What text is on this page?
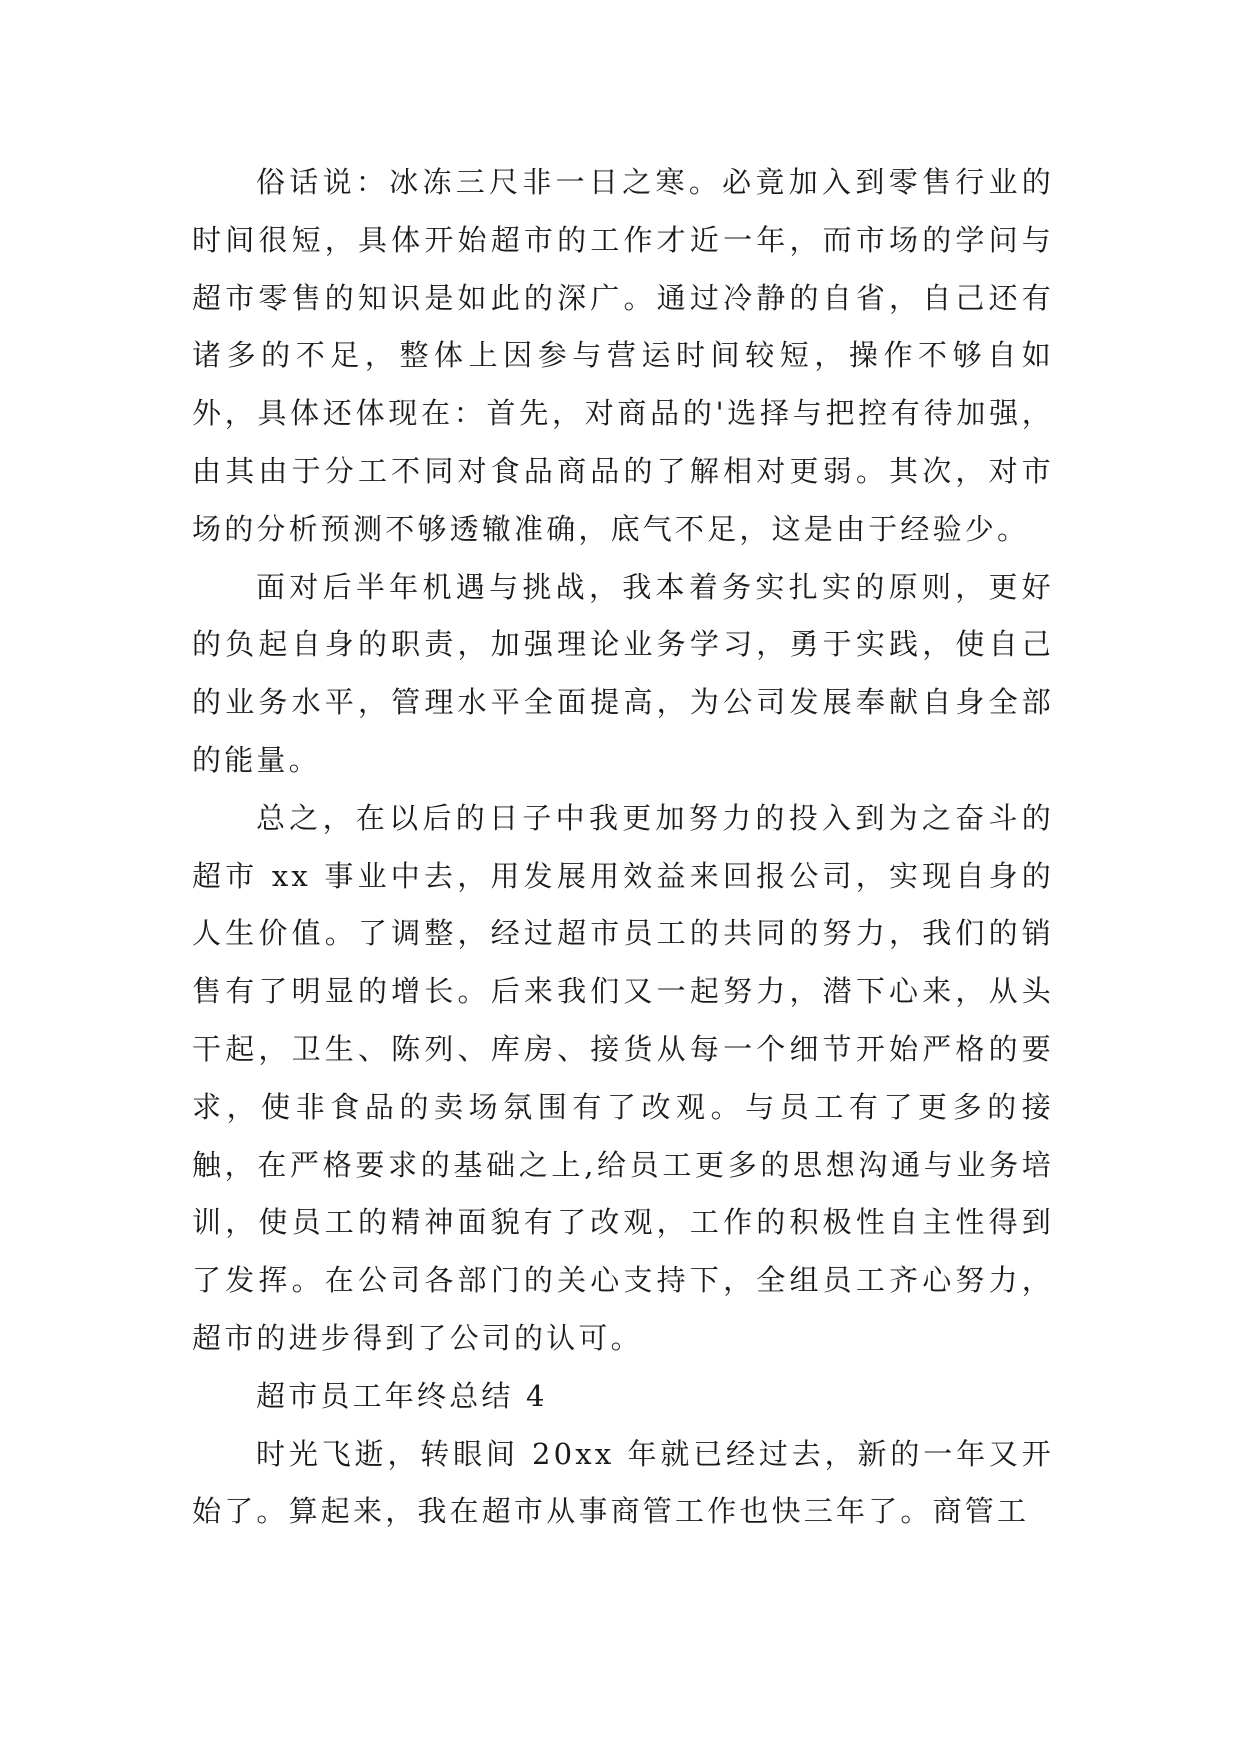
俗话说：冰冻三尺非一日之寒。必竟加入到零售行业的时间很短，具体开始超市的工作才近一年，而市场的学问与超市零售的知识是如此的深广。通过冷静的自省，自己还有诸多的不足，整体上因参与营运时间较短，操作不够自如外，具体还体现在：首先，对商品的'选择与把控有待加强，由其由于分工不同对食品商品的了解相对更弱。其次，对市场的分析预测不够透辙准确，底气不足，这是由于经验少。

面对后半年机遇与挑战，我本着务实扎实的原则，更好的负起自身的职责，加强理论业务学习，勇于实践，使自己的业务水平，管理水平全面提高，为公司发展奉献自身全部的能量。

总之，在以后的日子中我更加努力的投入到为之奋斗的超市 xx 事业中去，用发展用效益来回报公司，实现自身的人生价值。了调整，经过超市员工的共同的努力，我们的销售有了明显的增长。后来我们又一起努力，潜下心来，从头干起，卫生、陈列、库房、接货从每一个细节开始严格的要求，使非食品的卖场氛围有了改观。与员工有了更多的接触，在严格要求的基础之上,给员工更多的思想沟通与业务培训，使员工的精神面貌有了改观，工作的积极性自主性得到了发挥。在公司各部门的关心支持下，全组员工齐心努力，超市的进步得到了公司的认可。

超市员工年终总结 4

时光飞逝，转眼间 20xx 年就已经过去，新的一年又开始了。算起来，我在超市从事商管工作也快三年了。商管工
